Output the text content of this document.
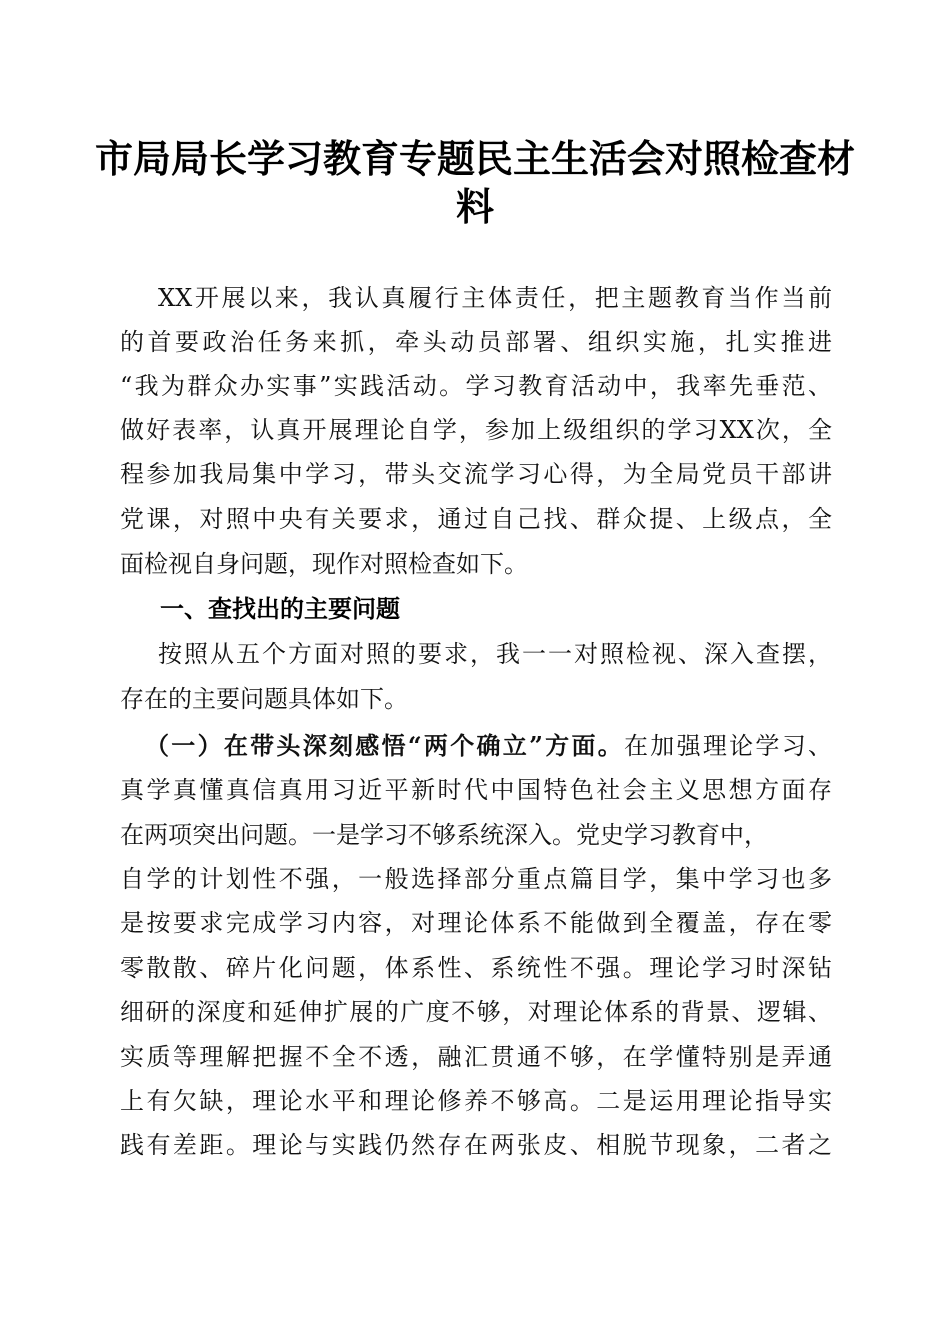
市局局长学习教育专题民主生活会对照检查材
料
XX开展以来，我认真履行主体责任，把主题教育当作当前
的首要政治任务来抓，牵头动员部署、组织实施，扎实推进
“我为群众办实事”实践活动。学习教育活动中，我率先垂范、
做好表率，认真开展理论自学，参加上级组织的学习XX次，全
程参加我局集中学习，带头交流学习心得，为全局党员干部讲
党课，对照中央有关要求，通过自己找、群众提、上级点，全
面检视自身问题，现作对照检查如下。
一、查找出的主要问题
按照从五个方面对照的要求，我一一对照检视、深入查摆，
存在的主要问题具体如下。
（一）在带头深刻感悟“两个确立”方面。在加强理论学习、
真学真懂真信真用习近平新时代中国特色社会主义思想方面存
在两项突出问题。一是学习不够系统深入。党史学习教育中，
自学的计划性不强，一般选择部分重点篇目学，集中学习也多
是按要求完成学习内容，对理论体系不能做到全覆盖，存在零
零散散、碎片化问题，体系性、系统性不强。理论学习时深钻
细研的深度和延伸扩展的广度不够，对理论体系的背景、逻辑、
实质等理解把握不全不透，融汇贯通不够，在学懂特别是弄通
上有欠缺，理论水平和理论修养不够高。二是运用理论指导实
践有差距。理论与实践仍然存在两张皮、相脱节现象，二者之
